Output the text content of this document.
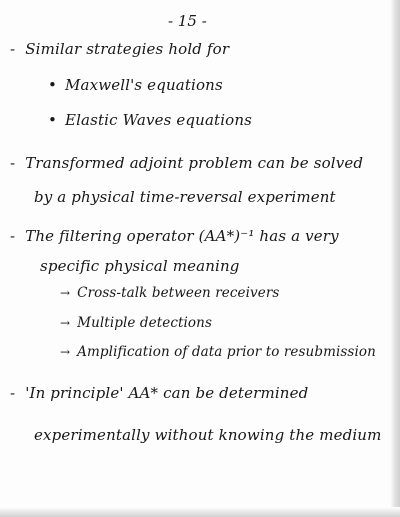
- 15 -
- Similar strategies hold for
• Maxwell's equations
• Elastic Waves equations
- Transformed adjoint problem can be solved
by a physical time-reversal experiment
- The filtering operator (AA*)⁻¹ has a very
specific physical meaning
→ Cross-talk between receivers
→ Multiple detections
→ Amplification of data prior to resubmission
- 'In principle' AA* can be determined
experimentally without knowing the medium
